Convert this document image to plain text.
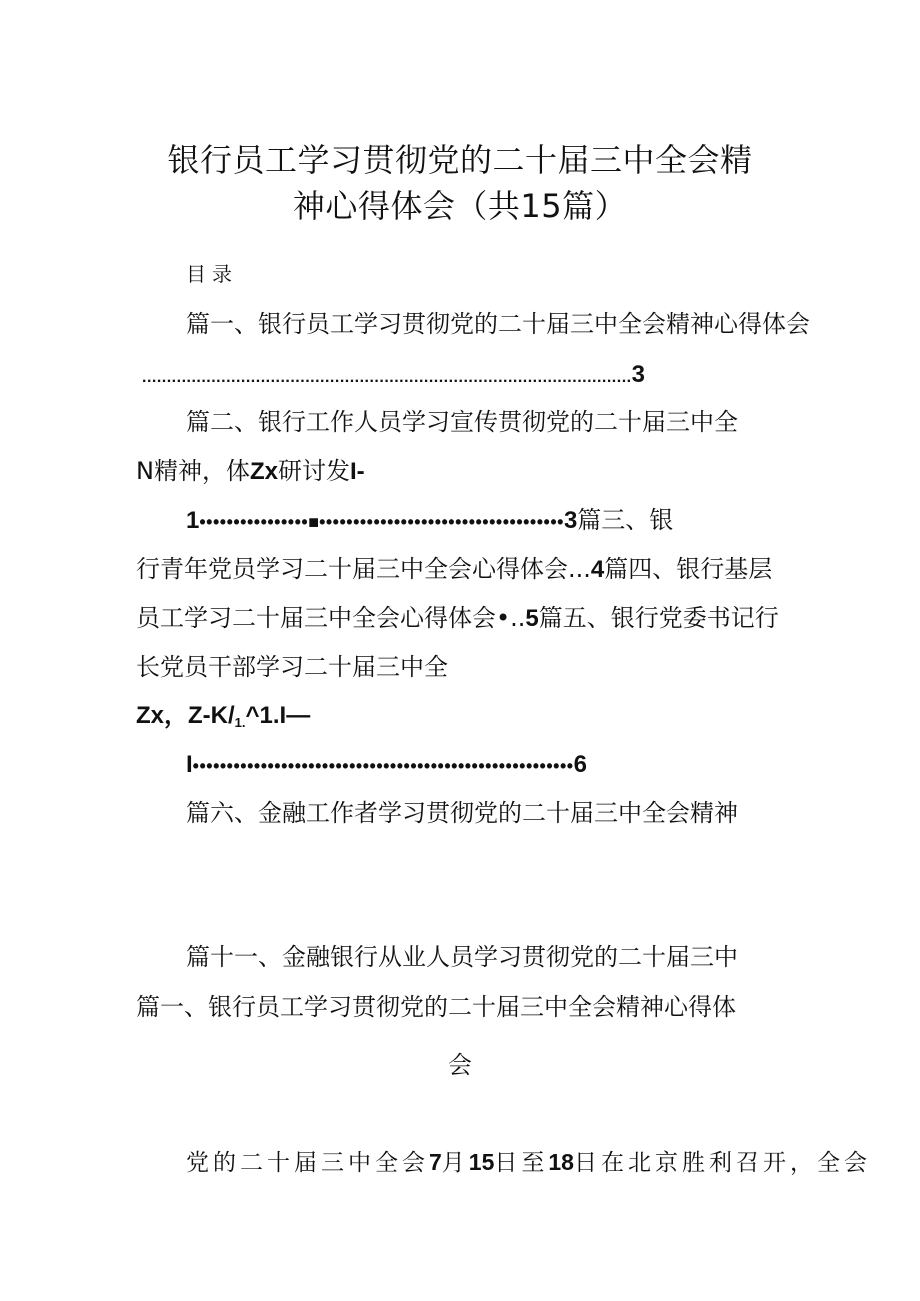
银行员工学习贯彻党的二十届三中全会精
神心得体会（共15篇）
目录
篇一、银行员工学习贯彻党的二十届三中全会精神心得体会
...................................................................................................3
篇二、银行工作人员学习宣传贯彻党的二十届三中全
N精神，体Zx研讨发I-
1••••••••••••••••■••••••••••••••••••••••••••••••••••••3篇三、银
行青年党员学习二十届三中全会心得体会...4篇四、银行基层
员工学习二十届三中全会心得体会•..5篇五、银行党委书记行
长党员干部学习二十届三中全
Zx，$Z-K/_{1.}\^{}1.I—$
I••••••••••••••••••••••••••••••••••••••••••••••••••••••••6
篇六、金融工作者学习贯彻党的二十届三中全会精神
篇十一、金融银行从业人员学习贯彻党的二十届三中
篇一、银行员工学习贯彻党的二十届三中全会精神心得体
会
党的二十届三中全会7月15日至18日在北京胜利召开，全会
